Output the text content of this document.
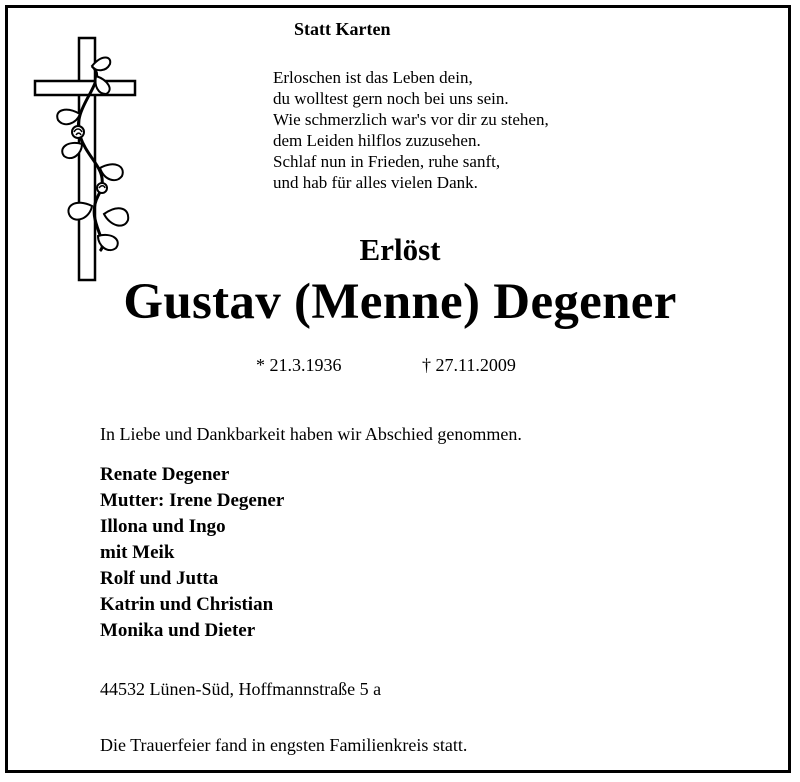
Statt Karten
Erloschen ist das Leben dein,
du wolltest gern noch bei uns sein.
Wie schmerzlich war's vor dir zu stehen,
dem Leiden hilflos zuzusehen.
Schlaf nun in Frieden, ruhe sanft,
und hab für alles vielen Dank.
Erlöst
Gustav (Menne) Degener
* 21.3.1936	† 27.11.2009
In Liebe und Dankbarkeit haben wir Abschied genommen.
Renate Degener
Mutter: Irene Degener
Illona und Ingo
mit Meik
Rolf und Jutta
Katrin und Christian
Monika und Dieter
44532 Lünen-Süd, Hoffmannstraße 5 a
Die Trauerfeier fand in engsten Familienkreis statt.
